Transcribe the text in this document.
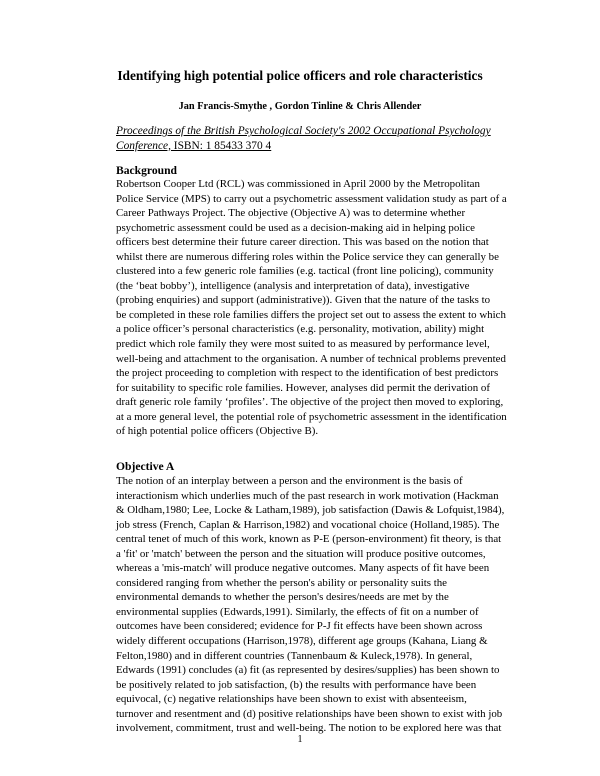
Identifying high potential police officers and role characteristics

Jan Francis-Smythe , Gordon Tinline & Chris Allender

Proceedings of the British Psychological Society's 2002 Occupational Psychology Conference, ISBN: 1 85433 370 4

Background
Robertson Cooper Ltd (RCL) was commissioned in April 2000 by the Metropolitan
Police Service (MPS) to carry out a psychometric assessment validation study as part of a
Career Pathways Project. The objective (Objective A) was to determine whether
psychometric assessment could be used as a decision-making aid in helping police
officers best determine their future career direction. This was based on the notion that
whilst there are numerous differing roles within the Police service they can generally be
clustered into a few generic role families (e.g. tactical (front line policing), community
(the ‘beat bobby’), intelligence (analysis and interpretation of data), investigative
(probing enquiries) and support (administrative)). Given that the nature of the tasks to
be completed in these role families differs the project set out to assess the extent to which
a police officer’s personal characteristics (e.g. personality, motivation, ability) might
predict which role family they were most suited to as measured by performance level,
well-being and attachment to the organisation. A number of technical problems prevented
the project proceeding to completion with respect to the identification of best predictors
for suitability to specific role families. However, analyses did permit the derivation of
draft generic role family ‘profiles’. The objective of the project then moved to exploring,
at a more general level, the potential role of psychometric assessment in the identification
of high potential police officers (Objective B).
Objective A
The notion of an interplay between a person and the environment is the basis of
interactionism which underlies much of the past research in work motivation (Hackman
& Oldham,1980; Lee, Locke & Latham,1989), job satisfaction (Dawis & Lofquist,1984),
job stress (French, Caplan & Harrison,1982) and vocational choice (Holland,1985). The
central tenet of much of this work, known as P-E (person-environment) fit theory, is that
a 'fit' or 'match' between the person and the situation will produce positive outcomes,
whereas a 'mis-match' will produce negative outcomes. Many aspects of fit have been
considered ranging from whether the person's ability or personality suits the
environmental demands to whether the person's desires/needs are met by the
environmental supplies (Edwards,1991). Similarly, the effects of fit on a number of
outcomes have been considered; evidence for P-J fit effects have been shown across
widely different occupations (Harrison,1978), different age groups (Kahana, Liang &
Felton,1980) and in different countries (Tannenbaum & Kuleck,1978). In general,
Edwards (1991) concludes (a) fit (as represented by desires/supplies) has been shown to
be positively related to job satisfaction, (b) the results with performance have been
equivocal, (c) negative relationships have been shown to exist with absenteeism,
turnover and resentment and (d) positive relationships have been shown to exist with job
involvement, commitment, trust and well-being. The notion to be explored here was that

1
